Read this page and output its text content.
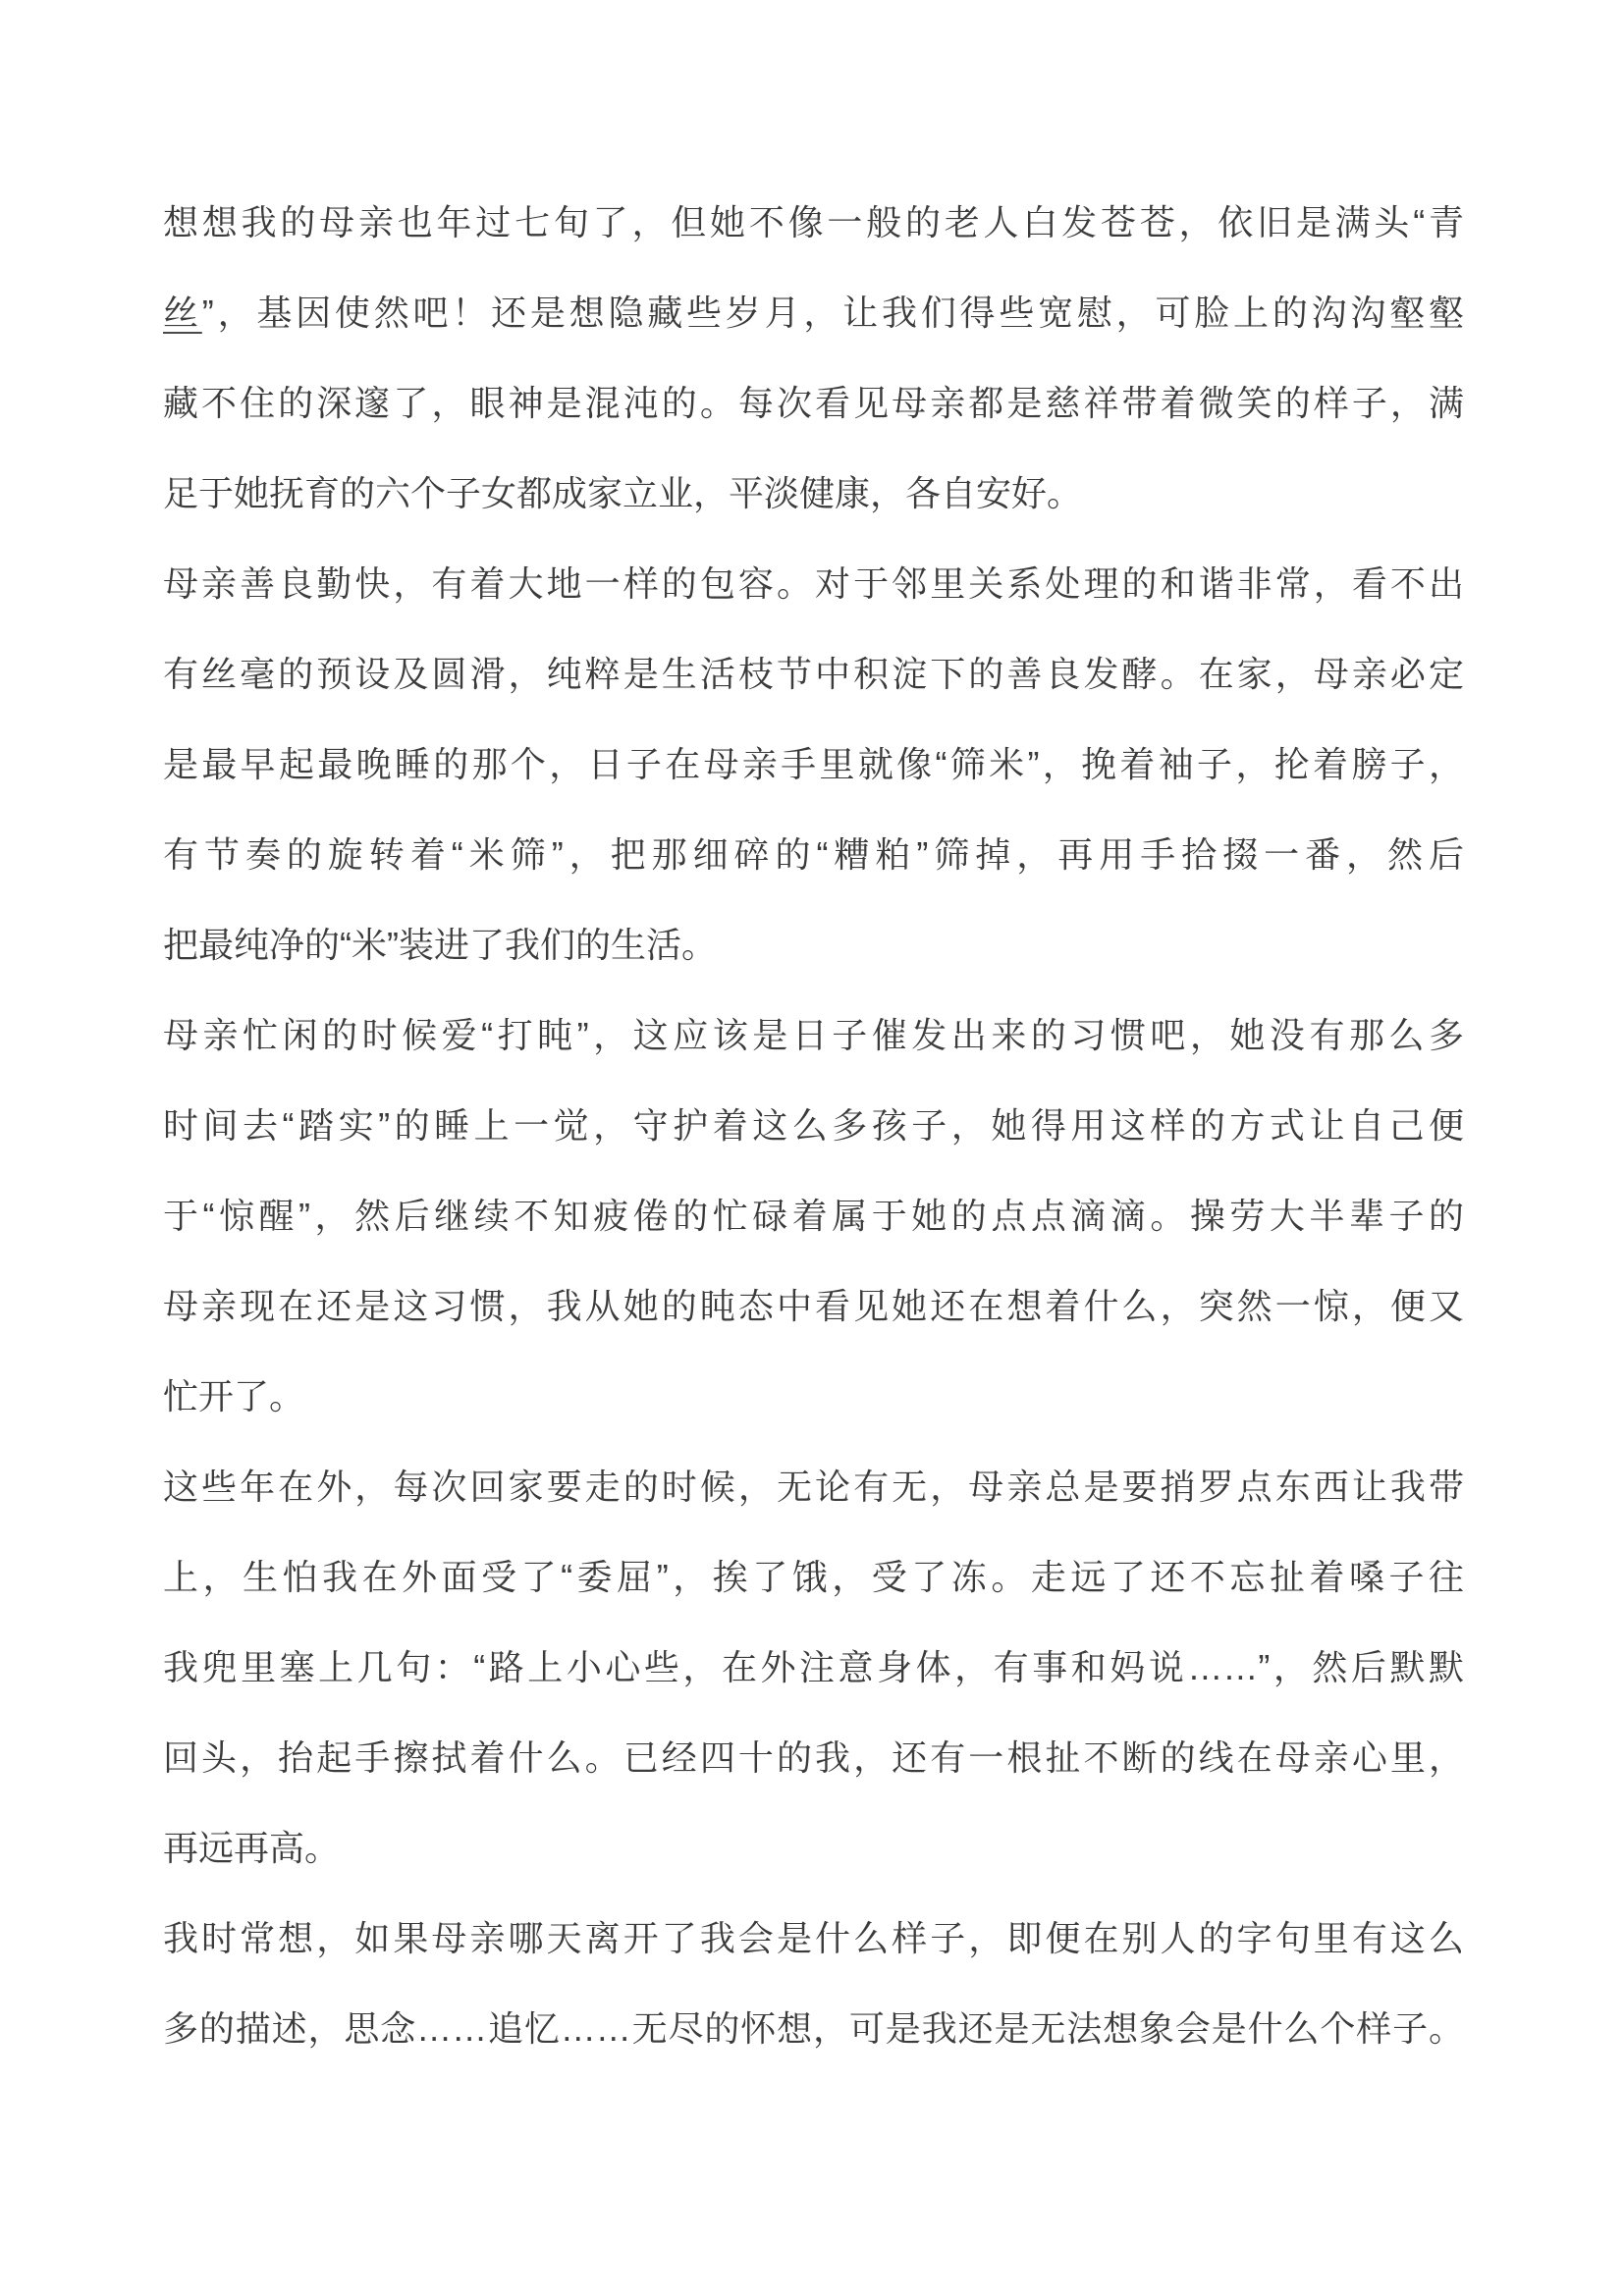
想想我的母亲也年过七旬了，但她不像一般的老人白发苍苍，依旧是满头“青
丝”，基因使然吧！还是想隐藏些岁月，让我们得些宽慰，可脸上的沟沟壑壑
藏不住的深邃了，眼神是混沌的。每次看见母亲都是慈祥带着微笑的样子，满
足于她抚育的六个子女都成家立业，平淡健康，各自安好。

母亲善良勤快，有着大地一样的包容。对于邻里关系处理的和谐非常，看不出
有丝毫的预设及圆滑，纯粹是生活枝节中积淀下的善良发酵。在家，母亲必定
是最早起最晚睡的那个，日子在母亲手里就像“筛米”，挽着袖子，抡着膀子，
有节奏的旋转着“米筛”，把那细碎的“糟粕”筛掉，再用手拾掇一番，然后
把最纯净的“米”装进了我们的生活。

母亲忙闲的时候爱“打盹”，这应该是日子催发出来的习惯吧，她没有那么多
时间去“踏实”的睡上一觉，守护着这么多孩子，她得用这样的方式让自己便
于“惊醒”，然后继续不知疲倦的忙碌着属于她的点点滴滴。操劳大半辈子的
母亲现在还是这习惯，我从她的盹态中看见她还在想着什么，突然一惊，便又
忙开了。

这些年在外，每次回家要走的时候，无论有无，母亲总是要捎罗点东西让我带
上，生怕我在外面受了“委屈”，挨了饿，受了冻。走远了还不忘扯着嗓子往
我兜里塞上几句：“路上小心些，在外注意身体，有事和妈说……”，然后默默
回头，抬起手擦拭着什么。已经四十的我，还有一根扯不断的线在母亲心里，
再远再高。

我时常想，如果母亲哪天离开了我会是什么样子，即便在别人的字句里有这么
多的描述，思念……追忆……无尽的怀想，可是我还是无法想象会是什么个样子。
